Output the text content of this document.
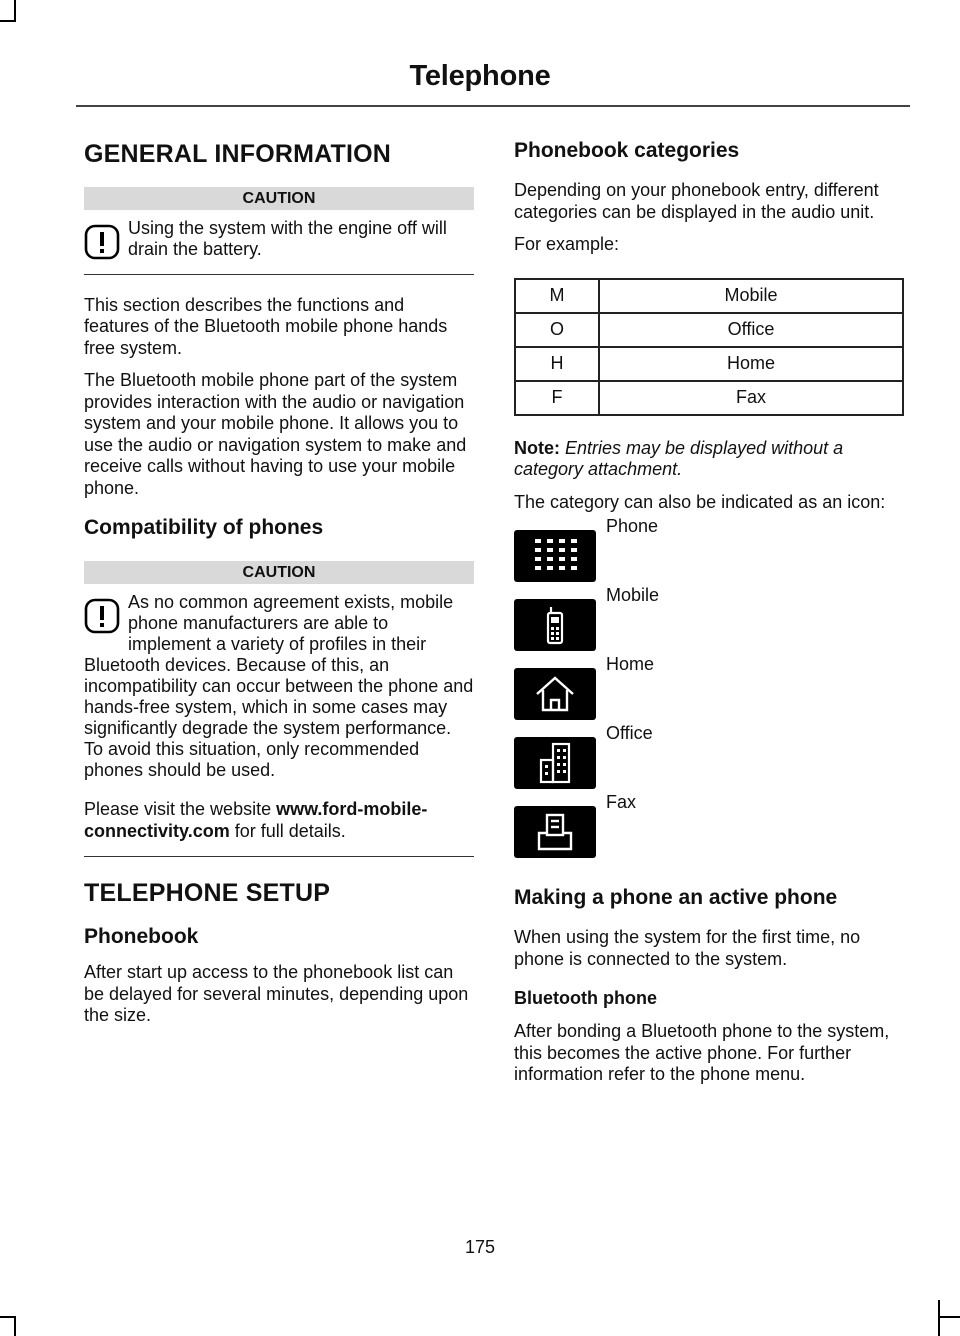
Telephone
GENERAL INFORMATION
CAUTION
Using the system with the engine off will drain the battery.

This section describes the functions and features of the Bluetooth mobile phone hands free system.

The Bluetooth mobile phone part of the system provides interaction with the audio or navigation system and your mobile phone. It allows you to use the audio or navigation system to make and receive calls without having to use your mobile phone.

Compatibility of phones
CAUTION
As no common agreement exists, mobile phone manufacturers are able to implement a variety of profiles in their Bluetooth devices. Because of this, an incompatibility can occur between the phone and hands-free system, which in some cases may significantly degrade the system performance. To avoid this situation, only recommended phones should be used.

Please visit the website www.ford-mobile-connectivity.com for full details.

TELEPHONE SETUP
Phonebook

After start up access to the phonebook list can be delayed for several minutes, depending upon the size.

Phonebook categories

Depending on your phonebook entry, different categories can be displayed in the audio unit.

For example:

M	Mobile
O	Office
H	Home
F	Fax

Note: Entries may be displayed without a category attachment.

The category can also be indicated as an icon:

Phone
Mobile
Home
Office
Fax
Making a phone an active phone

When using the system for the first time, no phone is connected to the system.

Bluetooth phone

After bonding a Bluetooth phone to the system, this becomes the active phone. For further information refer to the phone menu.

175
